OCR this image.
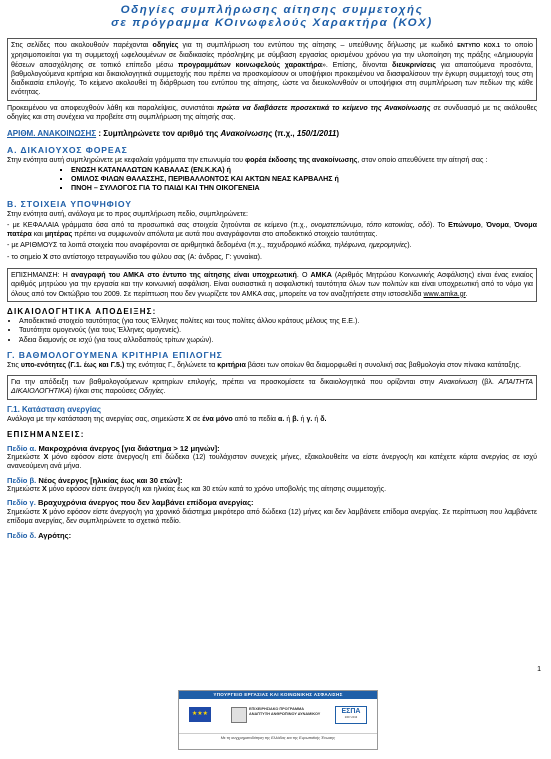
Οδηγίες συμπλήρωσης αίτησης συμμετοχής
σε πρόγραμμα ΚΟινωφελούς Χαρακτήρα (ΚΟΧ)
Στις σελίδες που ακολουθούν παρέχονται οδηγίες για τη συμπλήρωση του εντύπου της αίτησης – υπεύθυνης δήλωσης με κωδικό ΕΝΤΥΠΟ ΚΟΧ.1 το οποίο χρησιμοποιείται για τη συμμετοχή ωφελουμένων σε διαδικασίες πρόσληψης με σύμβαση εργασίας ορισμένου χρόνου για την υλοποίηση της πράξης «Δημιουργία θέσεων απασχόλησης σε τοπικό επίπεδο μέσω προγραμμάτων κοινωφελούς χαρακτήρα». Επίσης, δίνονται διευκρινίσεις για απαιτούμενα προσόντα, βαθμολογούμενα κριτήρια και δικαιολογητικά συμμετοχής που πρέπει να προσκομίσουν οι υποψήφιοι προκειμένου να διασφαλίσουν την έγκυρη συμμετοχή τους στη διαδικασία επιλογής. Το κείμενο ακολουθεί τη διάρθρωση του εντύπου της αίτησης, ώστε να διευκολυνθούν οι υποψήφιοι στη συμπλήρωση των πεδίων της κάθε ενότητας.

Προκειμένου να αποφευχθούν λάθη και παραλείψεις, συνιστάται πρώτα να διαβάσετε προσεκτικά το κείμενο της Ανακοίνωσης σε συνδυασμό με τις ακόλουθες οδηγίες και στη συνέχεια να προβείτε στη συμπλήρωση της αίτησής σας.

ΑΡΙΘΜ. ΑΝΑΚΟΙΝΩΣΗΣ : Συμπληρώνετε τον αριθμό της Ανακοίνωσης (π.χ., 150/1/2011)

Α. ΔΙΚΑΙΟΥΧΟΣ ΦΟΡΕΑΣ

Στην ενότητα αυτή συμπληρώνετε με κεφαλαία γράμματα την επωνυμία του φορέα έκδοσης της ανακοίνωσης, στον οποίο απευθύνετε την αίτησή σας :

▪ ΕΝΩΣΗ ΚΑΤΑΝΑΛΩΤΩΝ ΚΑΒΑΛΑΣ (ΕΝ.Κ.ΚΑ) ή
▪ ΟΜΙΛΟΣ ΦΙΛΩΝ ΘΑΛΑΣΣΗΣ, ΠΕΡΙΒΑΛΛΟΝΤΟΣ ΚΑΙ ΑΚΤΩΝ ΝΕΑΣ ΚΑΡΒΑΛΗΣ ή
▪ ΠΝΟΗ – ΣΥΛΛΟΓΟΣ ΓΙΑ ΤΟ ΠΑΙΔΙ ΚΑΙ ΤΗΝ ΟΙΚΟΓΕΝΕΙΑ
Β. ΣΤΟΙΧΕΙΑ ΥΠΟΨΗΦΙΟΥ

Στην ενότητα αυτή, ανάλογα με το προς συμπλήρωση πεδίο, συμπληρώνετε:

- με ΚΕΦΑΛΑΙΑ γράμματα όσα από τα προσωπικά σας στοιχεία ζητούνται σε κείμενο (π.χ., ονοματεπώνυμο, τόπο κατοικίας, οδό). Το Επώνυμο, Όνομα, Όνομα πατέρα και μητέρας πρέπει να συμφωνούν απόλυτα με αυτά που αναγράφονται στο αποδεικτικό στοιχείο ταυτότητας.

- με ΑΡΙΘΜΟΥΣ τα λοιπά στοιχεία που αναφέρονται σε αριθμητικά δεδομένα (π.χ., ταχυδρομικό κώδικα, τηλέφωνα, ημερομηνίες).

- το σημείο X στο αντίστοιχο τετραγωνίδιο του φύλου σας (Α: άνδρας, Γ: γυναίκα).

ΕΠΙΣΗΜΑΝΣΗ: Η αναγραφή του ΑΜΚΑ στο έντυπο της αίτησης είναι υποχρεωτική. Ο ΑΜΚΑ (Αριθμός Μητρώου Κοινωνικής Ασφάλισης) είναι ένας ενιαίος αριθμός μητρώου για την εργασία και την κοινωνική ασφάλιση. Είναι ουσιαστικά η ασφαλιστική ταυτότητα όλων των πολιτών και είναι υποχρεωτική από το νόμο για όλους από τον Οκτώβριο του 2009. Σε περίπτωση που δεν γνωρίζετε τον ΑΜΚΑ σας, μπορείτε να τον αναζητήσετε στην ιστοσελίδα www.amka.gr.
ΔΙΚΑΙΟΛΟΓΗΤΙΚΑ ΑΠΟΔΕΙΞΗΣ:
• Αποδεικτικό στοιχείο ταυτότητας (για τους Έλληνες πολίτες και τους πολίτες άλλου κράτους μέλους της Ε.Ε.).
• Ταυτότητα ομογενούς (για τους Έλληνες ομογενείς).
• Άδεια διαμονής σε ισχύ (για τους αλλοδαπούς τρίτων χωρών).
Γ. ΒΑΘΜΟΛΟΓΟΥΜΕΝΑ ΚΡΙΤΗΡΙΑ ΕΠΙΛΟΓΗΣ

Στις υπο-ενότητες (Γ.1. έως και Γ.5.) της ενότητας Γ., δηλώνετε τα κριτήρια βάσει των οποίων θα διαμορφωθεί η συνολική σας βαθμολογία στον πίνακα κατάταξης.

Για την απόδειξη των βαθμολογούμενων κριτηρίων επιλογής, πρέπει να προσκομίσετε τα δικαιολογητικά που ορίζονται στην Ανακοίνωση (βλ. ΑΠΑΙΤΗΤΑ ΔΙΚΑΙΟΛΟΓΗΤΙΚΑ) ή/και στις παρούσες Οδηγίες.
Γ.1. Κατάσταση ανεργίας

Ανάλογα με την κατάσταση της ανεργίας σας, σημειώστε X σε ένα μόνο από τα πεδία α. ή β. ή γ. ή δ.

ΕΠΙΣΗΜΑΝΣΕΙΣ:
Πεδίο α. Μακροχρόνια άνεργος [για διάστημα > 12 μηνών]:

Σημειώστε X μόνο εφόσον είστε άνεργος/η επί δώδεκα (12) τουλάχιστον συνεχείς μήνες, εξακολουθείτε να είστε άνεργος/η και κατέχετε κάρτα ανεργίας σε ισχύ ανανεούμενη ανά μήνα.

Πεδίο β. Νέος άνεργος [ηλικίας έως και 30 ετών]:

Σημειώστε X μόνο εφόσον είστε άνεργος/η και ηλικίας έως και 30 ετών κατά το χρόνο υποβολής της αίτησης συμμετοχής.

Πεδίο γ. Βραχυχρόνια άνεργος που δεν λαμβάνει επίδομα ανεργίας:

Σημειώστε X μόνο εφόσον είστε άνεργος/η για χρονικό διάστημα μικρότερο από δώδεκα (12) μήνες και δεν λαμβάνετε επίδομα ανεργίας. Σε περίπτωση που λαμβάνετε επίδομα ανεργίας, δεν συμπληρώνετε το σχετικό πεδίο.

Πεδίο δ. Αγρότης:
1
ΥΠΟΥΡΓΕΙΟ ΕΡΓΑΣΙΑΣ ΚΑΙ ΚΟΙΝΩΝΙΚΗΣ ΑΣΦΑΛΙΣΗΣ
★★★
ΕΠΙΧΕΙΡΗΣΙΑΚΟ ΠΡΟΓΡΑΜΜΑ ΑΝΑΠΤΥΞΗ ΑΝΘΡΩΠΙΝΟΥ ΔΥΝΑΜΙΚΟΥ	ΕΣΠΑ
2007-2013
Με τη συγχρηματοδότηση της Ελλάδας και της Ευρωπαϊκής Ένωσης
